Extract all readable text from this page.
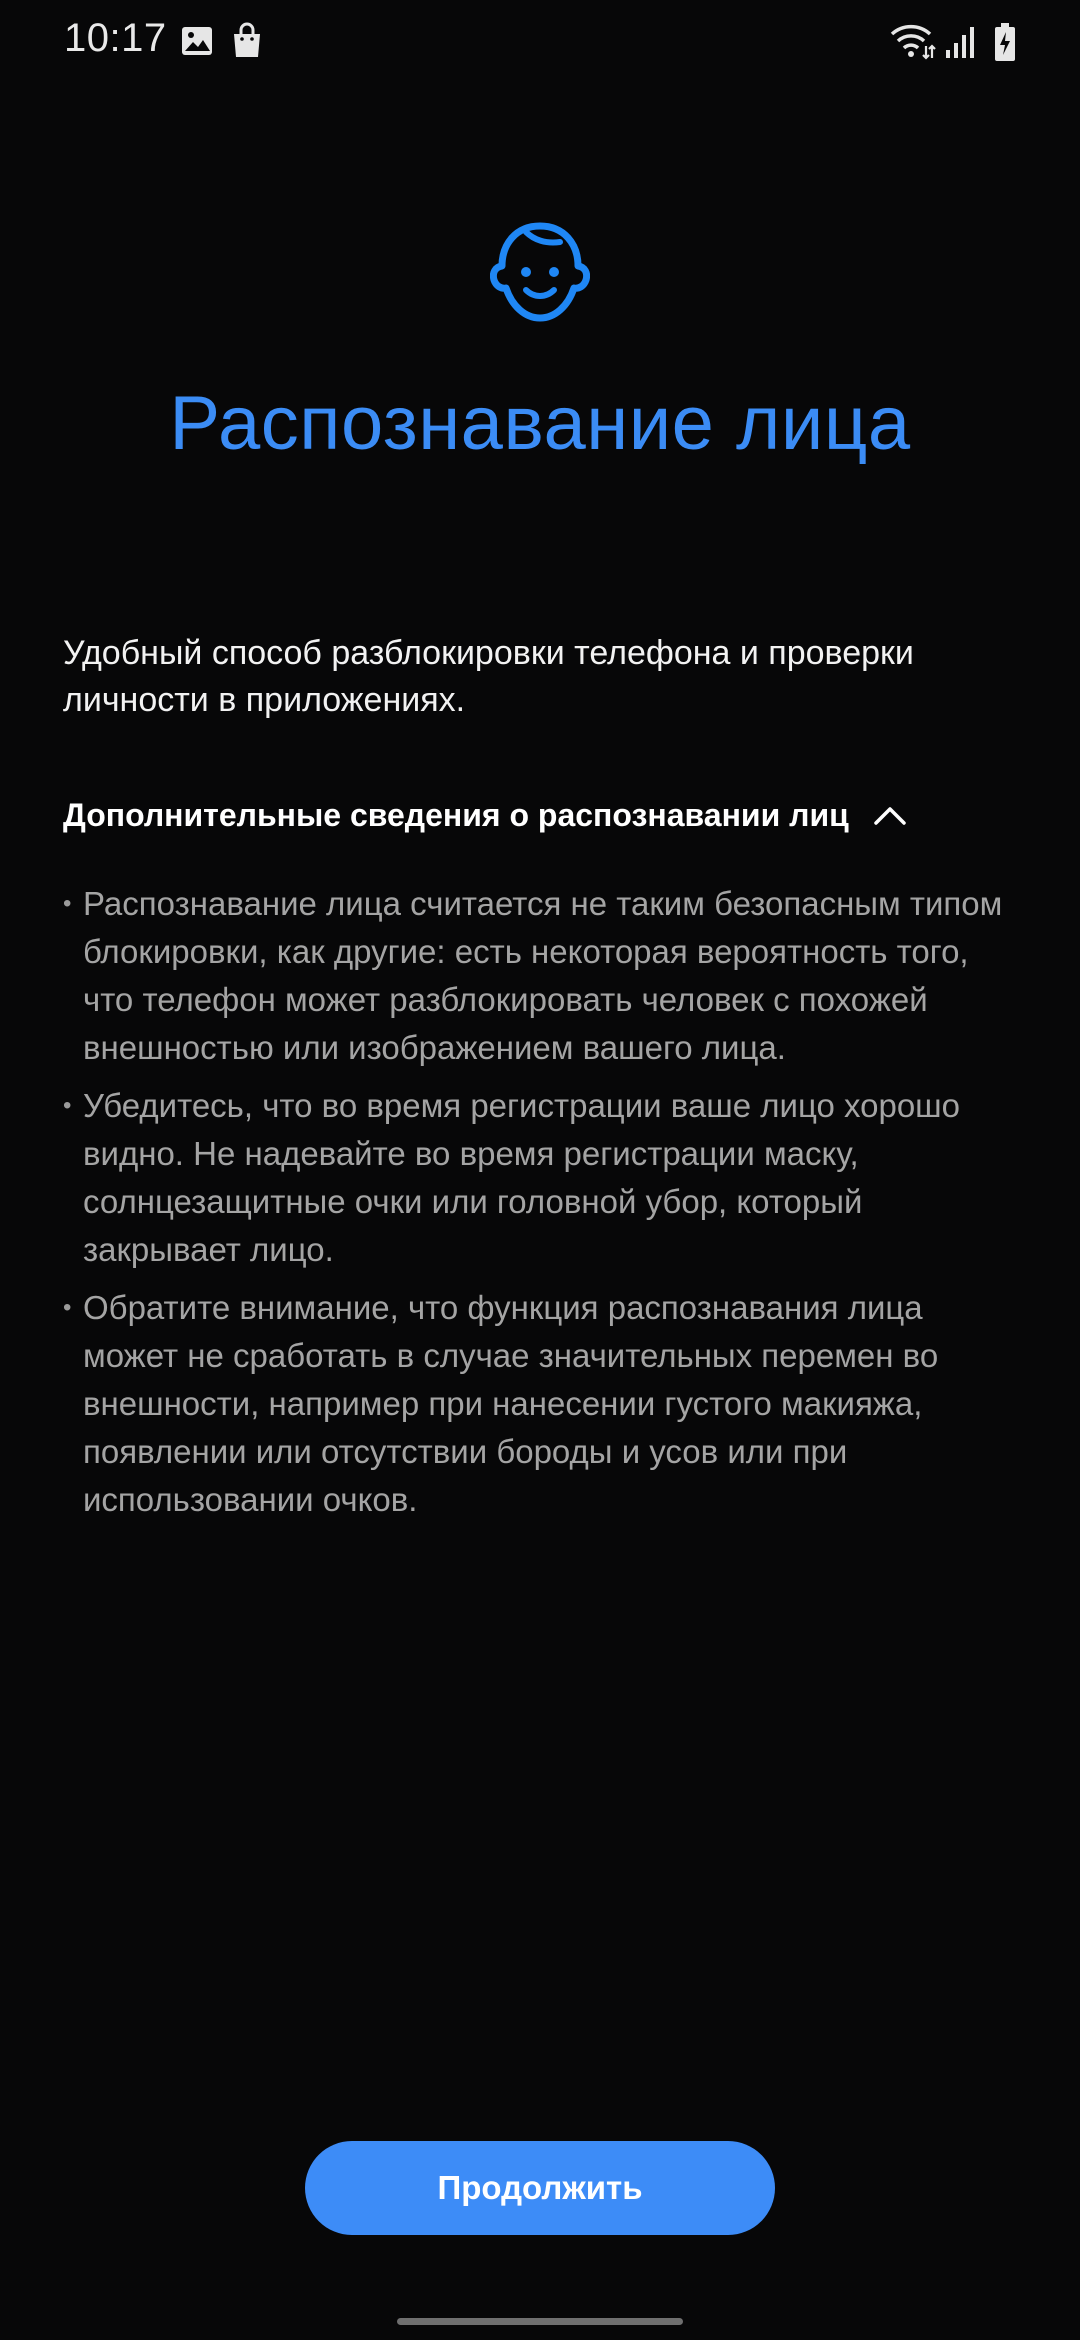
10:17
Распознавание лица

Удобный способ разблокировки телефона и проверки личности в приложениях.

Дополнительные сведения о распознавании лиц
• Распознавание лица считается не таким безопасным типом блокировки, как другие: есть некоторая вероятность того, что телефон может разблокировать человек с похожей внешностью или изображением вашего лица.
• Убедитесь, что во время регистрации ваше лицо хорошо видно. Не надевайте во время регистрации маску, солнцезащитные очки или головной убор, который закрывает лицо.
• Обратите внимание, что функция распознавания лица может не сработать в случае значительных перемен во внешности, например при нанесении густого макияжа, появлении или отсутствии бороды и усов или при использовании очков.
Продолжить
